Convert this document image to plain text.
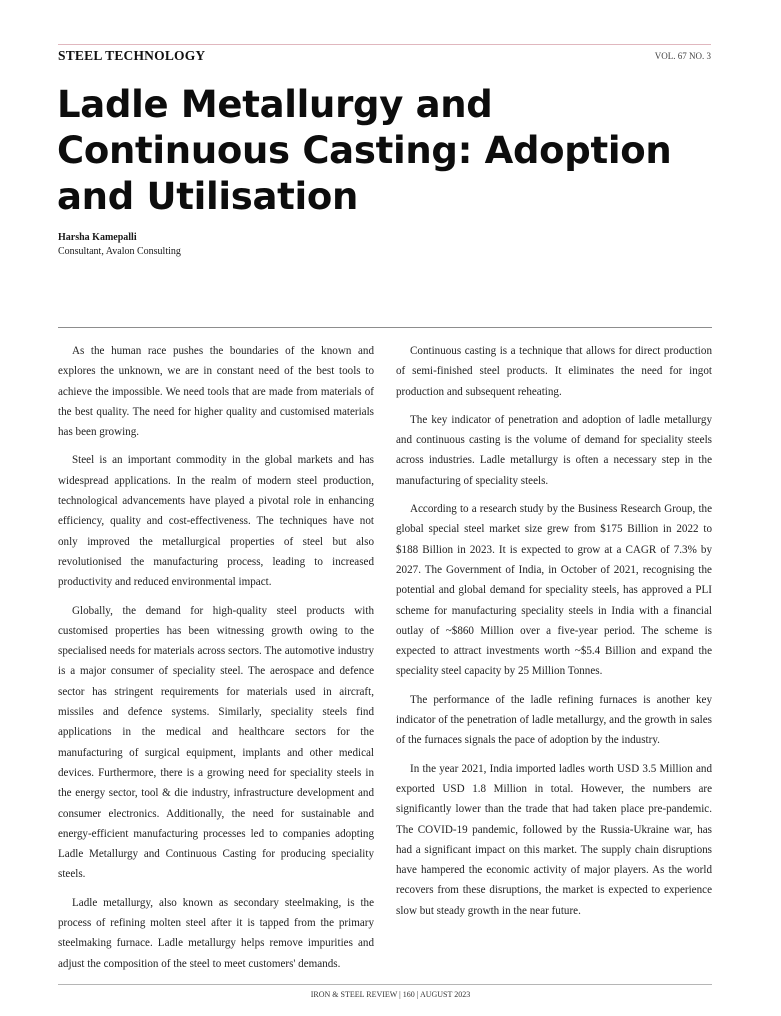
STEEL TECHNOLOGY	VOL. 67 NO. 3
Ladle Metallurgy and Continuous Casting: Adoption and Utilisation
Harsha Kamepalli
Consultant, Avalon Consulting

As the human race pushes the boundaries of the known and explores the unknown, we are in constant need of the best tools to achieve the impossible. We need tools that are made from materials of the best quality. The need for higher quality and customised materials has been growing.

Steel is an important commodity in the global markets and has widespread applications. In the realm of modern steel production, technological advancements have played a pivotal role in enhancing efficiency, quality and cost-effectiveness. The techniques have not only improved the metallurgical properties of steel but also revolutionised the manufacturing process, leading to increased productivity and reduced environmental impact.

Globally, the demand for high-quality steel products with customised properties has been witnessing growth owing to the specialised needs for materials across sectors. The automotive industry is a major consumer of speciality steel. The aerospace and defence sector has stringent requirements for materials used in aircraft, missiles and defence systems. Similarly, speciality steels find applications in the medical and healthcare sectors for the manufacturing of surgical equipment, implants and other medical devices. Furthermore, there is a growing need for speciality steels in the energy sector, tool & die industry, infrastructure development and consumer electronics. Additionally, the need for sustainable and energy-efficient manufacturing processes led to companies adopting Ladle Metallurgy and Continuous Casting for producing speciality steels.

Ladle metallurgy, also known as secondary steelmaking, is the process of refining molten steel after it is tapped from the primary steelmaking furnace. Ladle metallurgy helps remove impurities and adjust the composition of the steel to meet customers' demands.

Continuous casting is a technique that allows for direct production of semi-finished steel products. It eliminates the need for ingot production and subsequent reheating.

The key indicator of penetration and adoption of ladle metallurgy and continuous casting is the volume of demand for speciality steels across industries. Ladle metallurgy is often a necessary step in the manufacturing of speciality steels.

According to a research study by the Business Research Group, the global special steel market size grew from $175 Billion in 2022 to $188 Billion in 2023. It is expected to grow at a CAGR of 7.3% by 2027. The Government of India, in October of 2021, recognising the potential and global demand for speciality steels, has approved a PLI scheme for manufacturing speciality steels in India with a financial outlay of ~$860 Million over a five-year period. The scheme is expected to attract investments worth ~$5.4 Billion and expand the speciality steel capacity by 25 Million Tonnes.

The performance of the ladle refining furnaces is another key indicator of the penetration of ladle metallurgy, and the growth in sales of the furnaces signals the pace of adoption by the industry.

In the year 2021, India imported ladles worth USD 3.5 Million and exported USD 1.8 Million in total. However, the numbers are significantly lower than the trade that had taken place pre-pandemic. The COVID-19 pandemic, followed by the Russia-Ukraine war, has had a significant impact on this market. The supply chain disruptions have hampered the economic activity of major players. As the world recovers from these disruptions, the market is expected to experience slow but steady growth in the near future.

IRON & STEEL REVIEW | 160 | AUGUST 2023
